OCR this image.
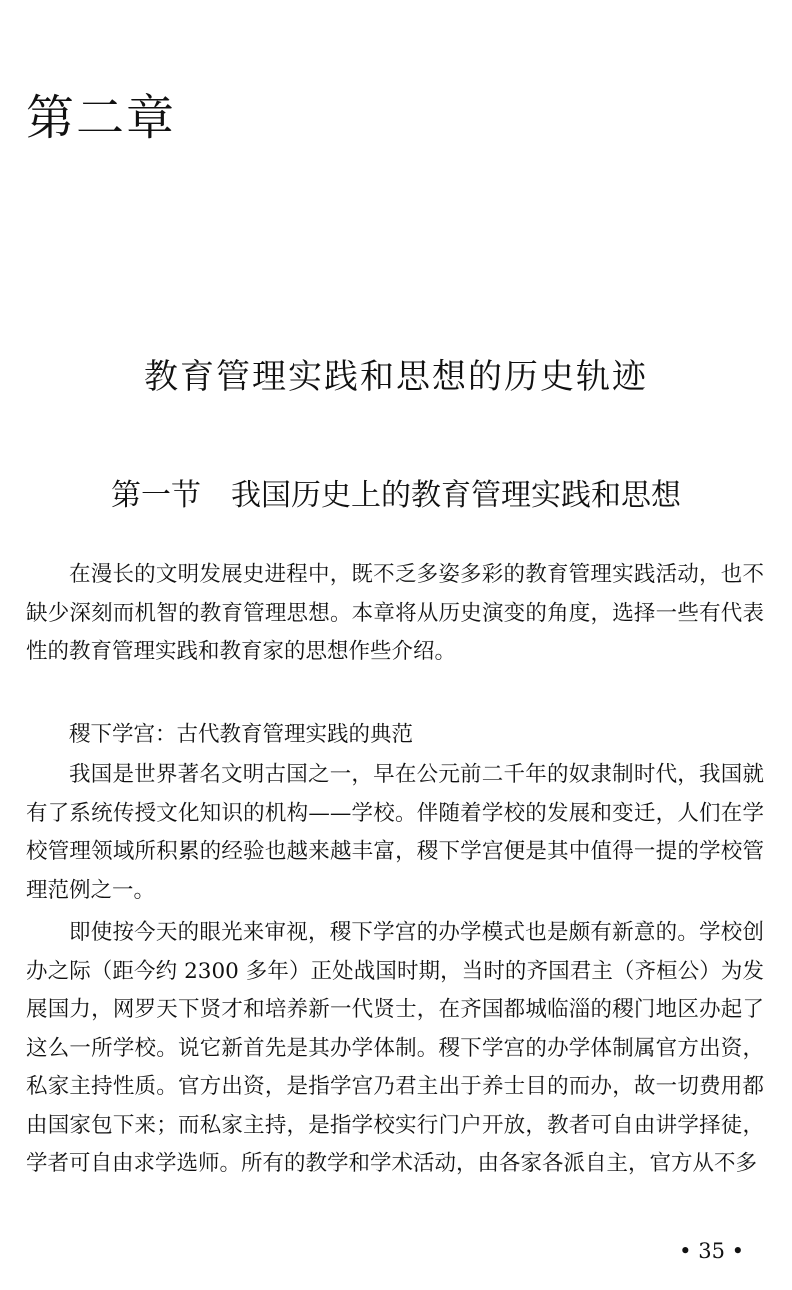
第二章
教育管理实践和思想的历史轨迹
第一节 我国历史上的教育管理实践和思想

在漫长的文明发展史进程中，既不乏多姿多彩的教育管理实践活动，也不缺少深刻而机智的教育管理思想。本章将从历史演变的角度，选择一些有代表性的教育管理实践和教育家的思想作些介绍。

稷下学宫：古代教育管理实践的典范

我国是世界著名文明古国之一，早在公元前二千年的奴隶制时代，我国就有了系统传授文化知识的机构——学校。伴随着学校的发展和变迁，人们在学校管理领域所积累的经验也越来越丰富，稷下学宫便是其中值得一提的学校管理范例之一。

即使按今天的眼光来审视，稷下学宫的办学模式也是颇有新意的。学校创办之际（距今约 2300 多年）正处战国时期，当时的齐国君主（齐桓公）为发展国力，网罗天下贤才和培养新一代贤士，在齐国都城临淄的稷门地区办起了这么一所学校。说它新首先是其办学体制。稷下学宫的办学体制属官方出资，私家主持性质。官方出资，是指学宫乃君主出于养士目的而办，故一切费用都由国家包下来；而私家主持，是指学校实行门户开放，教者可自由讲学择徒，学者可自由求学选师。所有的教学和学术活动，由各家各派自主，官方从不多

• 35 •
